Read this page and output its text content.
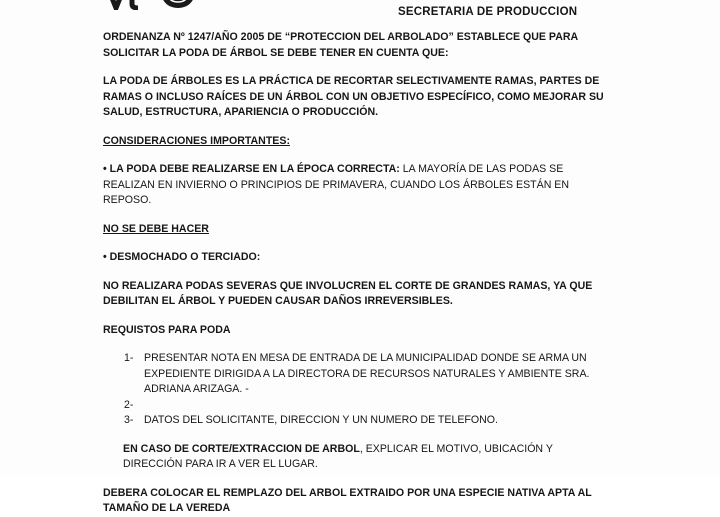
SECRETARIA DE PRODUCCION

ORDENANZA Nº 1247/AÑO 2005 DE “PROTECCION DEL ARBOLADO” ESTABLECE QUE PARA SOLICITAR LA PODA DE ÁRBOL SE DEBE TENER EN CUENTA QUE:

LA PODA DE ÁRBOLES ES LA PRÁCTICA DE RECORTAR SELECTIVAMENTE RAMAS, PARTES DE RAMAS O INCLUSO RAÍCES DE UN ÁRBOL CON UN OBJETIVO ESPECÍFICO, COMO MEJORAR SU SALUD, ESTRUCTURA, APARIENCIA O PRODUCCIÓN.

CONSIDERACIONES IMPORTANTES:

• LA PODA DEBE REALIZARSE EN LA ÉPOCA CORRECTA: LA MAYORÍA DE LAS PODAS SE REALIZAN EN INVIERNO O PRINCIPIOS DE PRIMAVERA, CUANDO LOS ÁRBOLES ESTÁN EN REPOSO.

NO SE DEBE HACER

• DESMOCHADO O TERCIADO:

NO REALIZARA PODAS SEVERAS QUE INVOLUCREN EL CORTE DE GRANDES RAMAS, YA QUE DEBILITAN EL ÁRBOL Y PUEDEN CAUSAR DAÑOS IRREVERSIBLES.

REQUISTOS PARA PODA

1- PRESENTAR NOTA EN MESA DE ENTRADA DE LA MUNICIPALIDAD DONDE SE ARMA UN EXPEDIENTE DIRIGIDA A LA DIRECTORA DE RECURSOS NATURALES Y AMBIENTE SRA. ADRIANA ARIZAGA. -
2-

3- DATOS DEL SOLICITANTE, DIRECCION Y UN NUMERO DE TELEFONO.

EN CASO DE CORTE/EXTRACCION DE ARBOL, EXPLICAR EL MOTIVO, UBICACIÓN Y DIRECCIÓN PARA IR A VER EL LUGAR.

DEBERA COLOCAR EL REMPLAZO DEL ARBOL EXTRAIDO POR UNA ESPECIE NATIVA APTA AL TAMAÑO DE LA VEREDA
